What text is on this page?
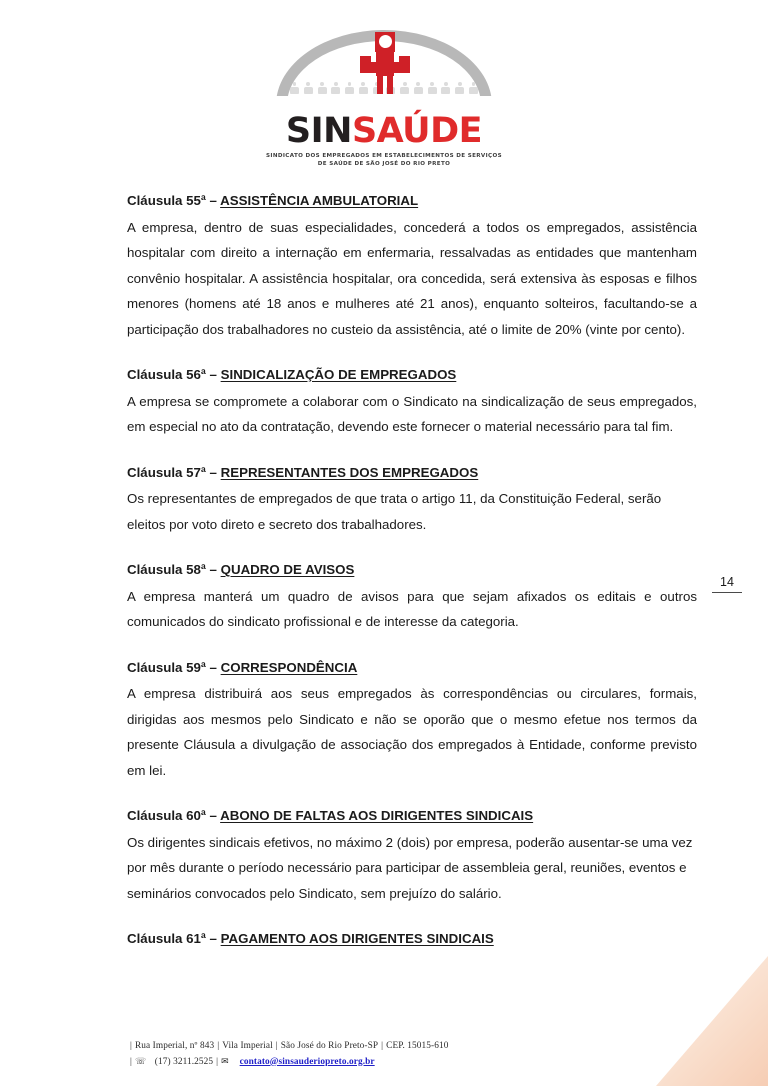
SINSAÚDE
SINDICATO DOS EMPREGADOS EM ESTABELECIMENTOS DE SERVIÇOS
DE SAÚDE DE SÃO JOSÉ DO RIO PRETO
Cláusula 55ª – ASSISTÊNCIA AMBULATORIAL

A empresa, dentro de suas especialidades, concederá a todos os empregados, assistência hospitalar com direito a internação em enfermaria, ressalvadas as entidades que mantenham convênio hospitalar. A assistência hospitalar, ora concedida, será extensiva às esposas e filhos menores (homens até 18 anos e mulheres até 21 anos), enquanto solteiros, facultando-se a participação dos trabalhadores no custeio da assistência, até o limite de 20% (vinte por cento).

Cláusula 56ª – SINDICALIZAÇÃO DE EMPREGADOS

A empresa se compromete a colaborar com o Sindicato na sindicalização de seus empregados, em especial no ato da contratação, devendo este fornecer o material necessário para tal fim.

Cláusula 57ª – REPRESENTANTES DOS EMPREGADOS

Os representantes de empregados de que trata o artigo 11, da Constituição Federal, serão eleitos por voto direto e secreto dos trabalhadores.

Cláusula 58ª – QUADRO DE AVISOS

A empresa manterá um quadro de avisos para que sejam afixados os editais e outros comunicados do sindicato profissional e de interesse da categoria.

Cláusula 59ª – CORRESPONDÊNCIA

A empresa distribuirá aos seus empregados às correspondências ou circulares, formais, dirigidas aos mesmos pelo Sindicato e não se oporão que o mesmo efetue nos termos da presente Cláusula a divulgação de associação dos empregados à Entidade, conforme previsto em lei.

Cláusula 60ª – ABONO DE FALTAS AOS DIRIGENTES SINDICAIS

Os dirigentes sindicais efetivos, no máximo 2 (dois) por empresa, poderão ausentar-se uma vez por mês durante o período necessário para participar de assembleia geral, reuniões, eventos e seminários convocados pelo Sindicato, sem prejuízo do salário.

Cláusula 61ª – PAGAMENTO AOS DIRIGENTES SINDICAIS
14
| Rua Imperial, nº 843 | Vila Imperial | São José do Rio Preto-SP | CEP. 15015-610
| ☏ (17) 3211.2525 | ✉ contato@sinsauderiopreto.org.br
